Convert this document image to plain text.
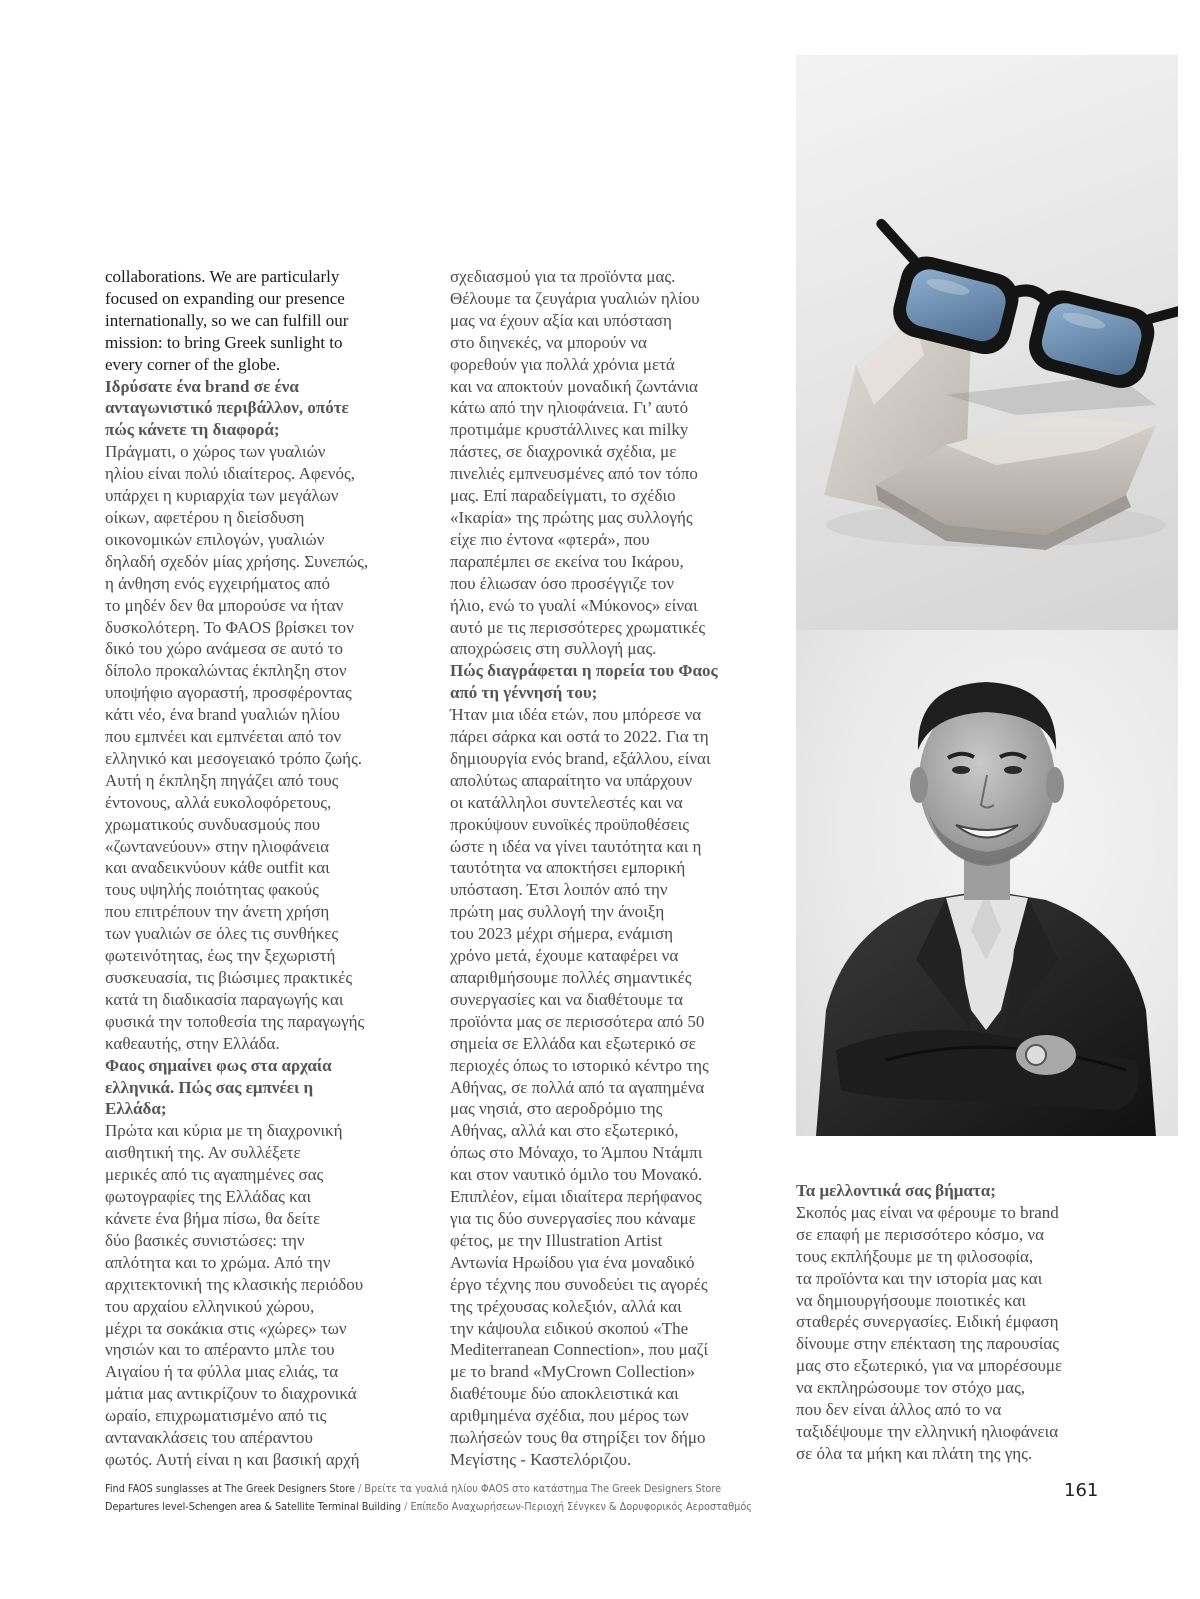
collaborations. We are particularly
focused on expanding our presence
internationally, so we can fulfill our
mission: to bring Greek sunlight to
every corner of the globe.
Ιδρύσατε ένα brand σε ένα
ανταγωνιστικό περιβάλλον, οπότε
πώς κάνετε τη διαφορά;
Πράγματι, ο χώρος των γυαλιών
ηλίου είναι πολύ ιδιαίτερος. Αφενός,
υπάρχει η κυριαρχία των μεγάλων
οίκων, αφετέρου η διείσδυση
οικονομικών επιλογών, γυαλιών
δηλαδή σχεδόν μίας χρήσης. Συνεπώς,
η άνθηση ενός εγχειρήματος από
το μηδέν δεν θα μπορούσε να ήταν
δυσκολότερη. Το ΦΑOS βρίσκει τον
δικό του χώρο ανάμεσα σε αυτό το
δίπολο προκαλώντας έκπληξη στον
υποψήφιο αγοραστή, προσφέροντας
κάτι νέο, ένα brand γυαλιών ηλίου
που εμπνέει και εμπνέεται από τον
ελληνικό και μεσογειακό τρόπο ζωής.
Αυτή η έκπληξη πηγάζει από τους
έντονους, αλλά ευκολοφόρετους,
χρωματικούς συνδυασμούς που
«ζωντανεύουν» στην ηλιοφάνεια
και αναδεικνύουν κάθε outfit και
τους υψηλής ποιότητας φακούς
που επιτρέπουν την άνετη χρήση
των γυαλιών σε όλες τις συνθήκες
φωτεινότητας, έως την ξεχωριστή
συσκευασία, τις βιώσιμες πρακτικές
κατά τη διαδικασία παραγωγής και
φυσικά την τοποθεσία της παραγωγής
καθεαυτής, στην Ελλάδα.
Φαος σημαίνει φως στα αρχαία
ελληνικά. Πώς σας εμπνέει η
Ελλάδα;
Πρώτα και κύρια με τη διαχρονική
αισθητική της. Αν συλλέξετε
μερικές από τις αγαπημένες σας
φωτογραφίες της Ελλάδας και
κάνετε ένα βήμα πίσω, θα δείτε
δύο βασικές συνιστώσες: την
απλότητα και το χρώμα. Από την
αρχιτεκτονική της κλασικής περιόδου
του αρχαίου ελληνικού χώρου,
μέχρι τα σοκάκια στις «χώρες» των
νησιών και το απέραντο μπλε του
Αιγαίου ή τα φύλλα μιας ελιάς, τα
μάτια μας αντικρίζουν το διαχρονικά
ωραίο, επιχρωματισμένο από τις
αντανακλάσεις του απέραντου
φωτός. Αυτή είναι η και βασική αρχή
σχεδιασμού για τα προϊόντα μας.
Θέλουμε τα ζευγάρια γυαλιών ηλίου
μας να έχουν αξία και υπόσταση
στο διηνεκές, να μπορούν να
φορεθούν για πολλά χρόνια μετά
και να αποκτούν μοναδική ζωντάνια
κάτω από την ηλιοφάνεια. Γι’ αυτό
προτιμάμε κρυστάλλινες και milky
πάστες, σε διαχρονικά σχέδια, με
πινελιές εμπνευσμένες από τον τόπο
μας. Επί παραδείγματι, το σχέδιο
«Ικαρία» της πρώτης μας συλλογής
είχε πιο έντονα «φτερά», που
παραπέμπει σε εκείνα του Ικάρου,
που έλιωσαν όσο προσέγγιζε τον
ήλιο, ενώ το γυαλί «Μύκονος» είναι
αυτό με τις περισσότερες χρωματικές
αποχρώσεις στη συλλογή μας.
Πώς διαγράφεται η πορεία του Φαος
από τη γέννησή του;
Ήταν μια ιδέα ετών, που μπόρεσε να
πάρει σάρκα και οστά το 2022. Για τη
δημιουργία ενός brand, εξάλλου, είναι
απολύτως απαραίτητο να υπάρχουν
οι κατάλληλοι συντελεστές και να
προκύψουν ευνοϊκές προϋποθέσεις
ώστε η ιδέα να γίνει ταυτότητα και η
ταυτότητα να αποκτήσει εμπορική
υπόσταση. Έτσι λοιπόν από την
πρώτη μας συλλογή την άνοιξη
του 2023 μέχρι σήμερα, ενάμιση
χρόνο μετά, έχουμε καταφέρει να
απαριθμήσουμε πολλές σημαντικές
συνεργασίες και να διαθέτουμε τα
προϊόντα μας σε περισσότερα από 50
σημεία σε Ελλάδα και εξωτερικό σε
περιοχές όπως το ιστορικό κέντρο της
Αθήνας, σε πολλά από τα αγαπημένα
μας νησιά, στο αεροδρόμιο της
Αθήνας, αλλά και στο εξωτερικό,
όπως στο Μόναχο, το Άμπου Ντάμπι
και στον ναυτικό όμιλο του Μονακό.
Επιπλέον, είμαι ιδιαίτερα περήφανος
για τις δύο συνεργασίες που κάναμε
φέτος, με την Illustration Artist
Αντωνία Ηρωίδου για ένα μοναδικό
έργο τέχνης που συνοδεύει τις αγορές
της τρέχουσας κολεξιόν, αλλά και
την κάψουλα ειδικού σκοπού «The
Mediterranean Connection», που μαζί
με το brand «MyCrown Collection»
διαθέτουμε δύο αποκλειστικά και
αριθμημένα σχέδια, που μέρος των
πωλήσεών τους θα στηρίξει τον δήμο
Μεγίστης - Καστελόριζου.
Τα μελλοντικά σας βήματα;
Σκοπός μας είναι να φέρουμε το brand
σε επαφή με περισσότερο κόσμο, να
τους εκπλήξουμε με τη φιλοσοφία,
τα προϊόντα και την ιστορία μας και
να δημιουργήσουμε ποιοτικές και
σταθερές συνεργασίες. Ειδική έμφαση
δίνουμε στην επέκταση της παρουσίας
μας στο εξωτερικό, για να μπορέσουμε
να εκπληρώσουμε τον στόχο μας,
που δεν είναι άλλος από το να
ταξιδέψουμε την ελληνική ηλιοφάνεια
σε όλα τα μήκη και πλάτη της γης.
Find FAOS sunglasses at The Greek Designers Store / Βρείτε τα γυαλιά ηλίου ΦΑOS στο κατάστημα The Greek Designers Store
Departures level-Schengen area & Satellite Terminal Building / Επίπεδο Αναχωρήσεων-Περιοχή Σένγκεν & Δορυφορικός Αεροσταθμός
161
